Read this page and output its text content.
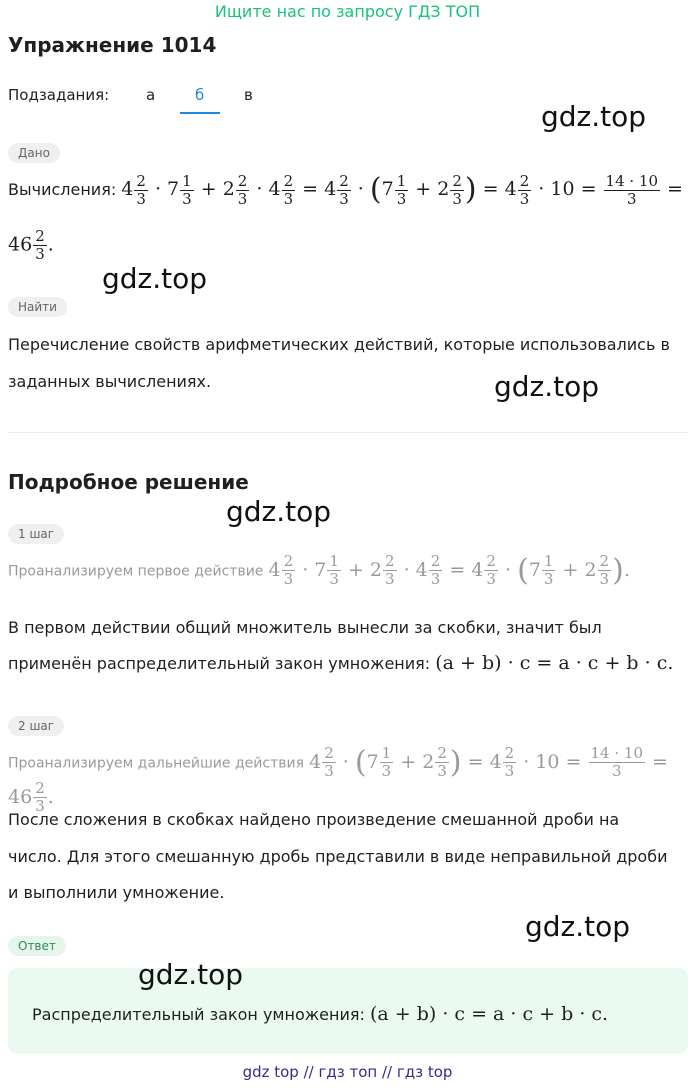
Ищите нас по запросу ГДЗ ТОП
Упражнение 1014
Подзадания: а	б	в
gdz.top
Дано
Вычисления: $4 \frac{2}{3} \cdot 7 \frac{1}{3} + 2 \frac{2}{3} \cdot 4 \frac{2}{3} = 4 \frac{2}{3} \cdot (7 \frac{1}{3} + 2 \frac{2}{3}$ ) = $4 \frac{2}{3} \cdot 10 = \frac{14 \cdot 10}{3}$ =
$46 \frac{2}{3}$ .
gdz.top
Найти
Перечисление свойств арифметических действий, которые использовались в
заданных вычислениях.	gdz.top
Подробное решение
gdz.top
1 шаг
Проанализируем первое действие $4 \frac{2}{3} \cdot 7 \frac{1}{3} + 2 \frac{2}{3} \cdot 4 \frac{2}{3} = 4 \frac{2}{3} \cdot (7 \frac{1}{3} + 2 \frac{2}{3}$ ).
В первом действии общий множитель вынесли за скобки, значит был
применён распределительный закон умножения: (a + b) · c = a · c + b · c.
2 шаг
Проанализируем дальнейшие действия $4 \frac{2}{3} \cdot (7 \frac{1}{3} + 2 \frac{2}{3}$ ) = $4 \frac{2}{3} \cdot 10 = \frac{14 \cdot 10}{3} = 46 \frac{2}{3}$ .
После сложения в скобках найдено произведение смешанной дроби на
число. Для этого смешанную дробь представили в виде неправильной дроби
и выполнили умножение.
gdz.top
Ответ
gdz.top
Распределительный закон умножения: (a + b) · c = a · c + b · c.
gdz top // гдз топ // гдз top
